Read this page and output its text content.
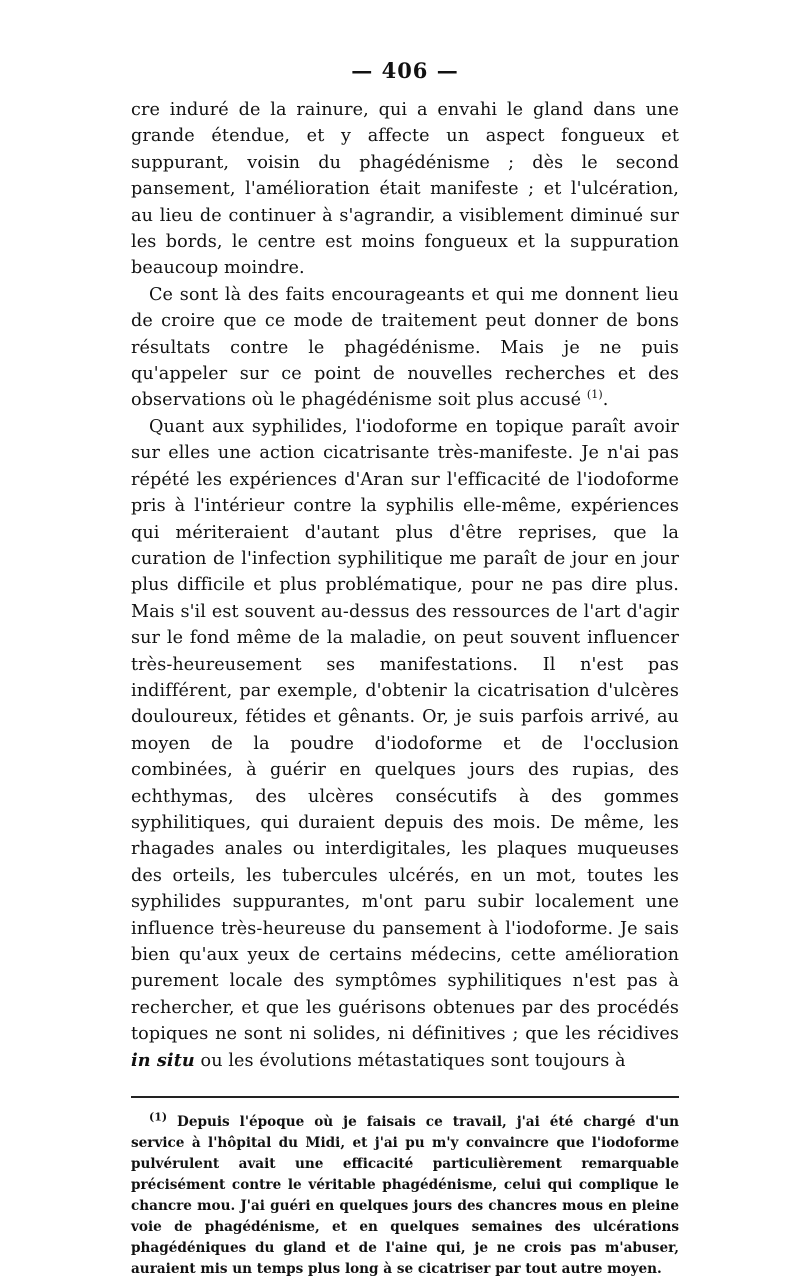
— 406 —

cre induré de la rainure, qui a envahi le gland dans une grande étendue, et y affecte un aspect fongueux et suppurant, voisin du phagédénisme ; dès le second pansement, l'amélioration était manifeste ; et l'ulcération, au lieu de continuer à s'agrandir, a visiblement diminué sur les bords, le centre est moins fongueux et la suppuration beaucoup moindre.

Ce sont là des faits encourageants et qui me donnent lieu de croire que ce mode de traitement peut donner de bons résultats contre le phagédénisme. Mais je ne puis qu'appeler sur ce point de nouvelles recherches et des observations où le phagédénisme soit plus accusé $^{(1)}$.

Quant aux syphilides, l'iodoforme en topique paraît avoir sur elles une action cicatrisante très-manifeste. Je n'ai pas répété les expériences d'Aran sur l'efficacité de l'iodoforme pris à l'intérieur contre la syphilis elle-même, expériences qui mériteraient d'autant plus d'être reprises, que la curation de l'infection syphilitique me paraît de jour en jour plus difficile et plus problématique, pour ne pas dire plus. Mais s'il est souvent au-dessus des ressources de l'art d'agir sur le fond même de la maladie, on peut souvent influencer très-heureusement ses manifestations. Il n'est pas indifférent, par exemple, d'obtenir la cicatrisation d'ulcères douloureux, fétides et gênants. Or, je suis parfois arrivé, au moyen de la poudre d'iodoforme et de l'occlusion combinées, à guérir en quelques jours des rupias, des echthymas, des ulcères consécutifs à des gommes syphilitiques, qui duraient depuis des mois. De même, les rhagades anales ou interdigitales, les plaques muqueuses des orteils, les tubercules ulcérés, en un mot, toutes les syphilides suppurantes, m'ont paru subir localement une influence très-heureuse du pansement à l'iodoforme. Je sais bien qu'aux yeux de certains médecins, cette amélioration purement locale des symptômes syphilitiques n'est pas à rechercher, et que les guérisons obtenues par des procédés topiques ne sont ni solides, ni définitives ; que les récidives in situ ou les évolutions métastatiques sont toujours à

$^{(1)}$ Depuis l'époque où je faisais ce travail, j'ai été chargé d'un service à l'hôpital du Midi, et j'ai pu m'y convaincre que l'iodoforme pulvérulent avait une efficacité particulièrement remarquable précisément contre le véritable phagédénisme, celui qui complique le chancre mou. J'ai guéri en quelques jours des chancres mous en pleine voie de phagédénisme, et en quelques semaines des ulcérations phagédéniques du gland et de l'aine qui, je ne crois pas m'abuser, auraient mis un temps plus long à se cicatriser par tout autre moyen.
